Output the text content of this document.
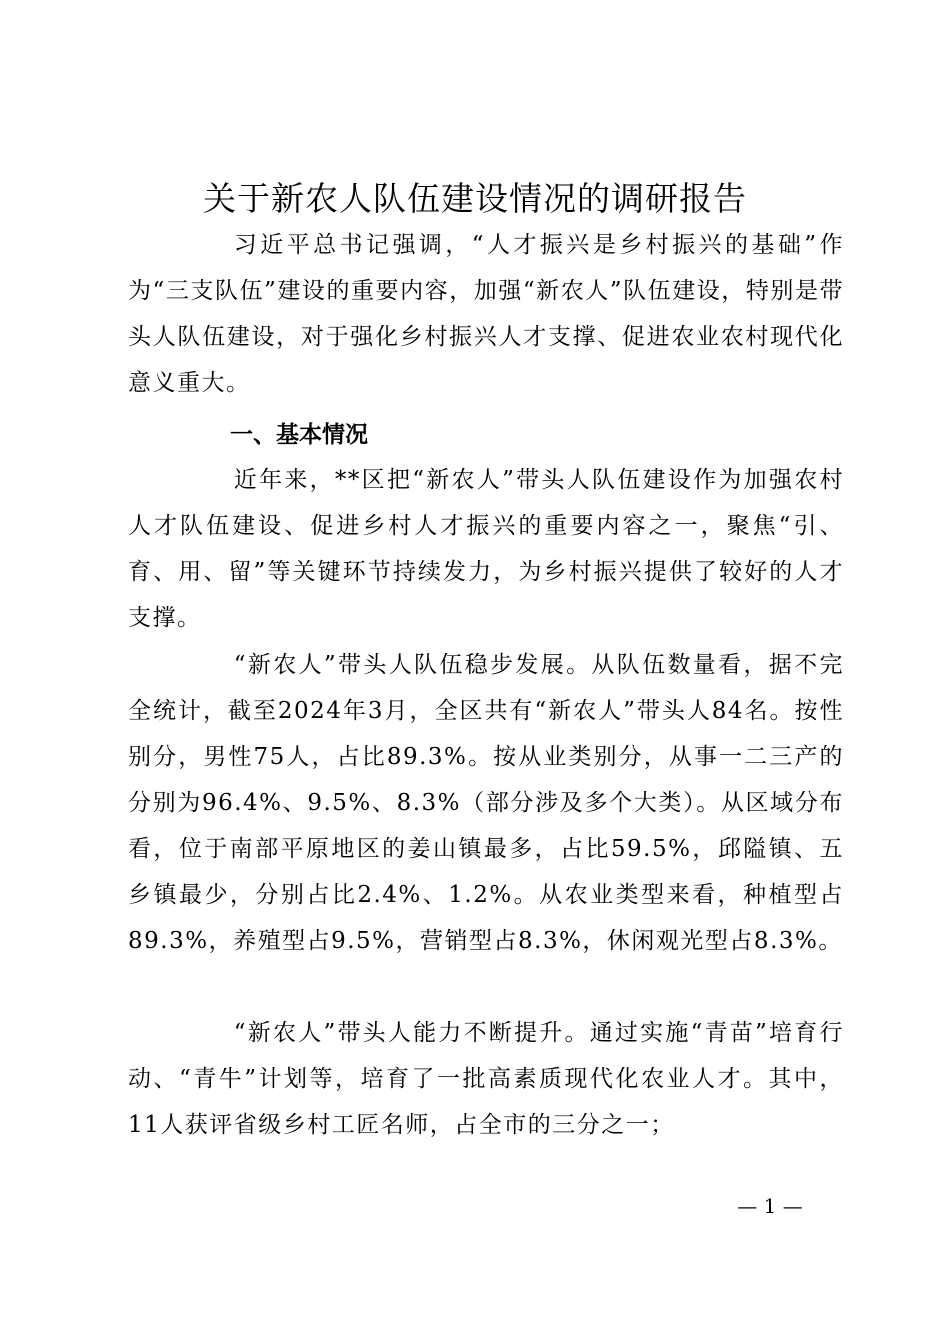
关于新农人队伍建设情况的调研报告

习近平总书记强调，“人才振兴是乡村振兴的基础”作为“三支队伍”建设的重要内容，加强“新农人”队伍建设，特别是带头人队伍建设，对于强化乡村振兴人才支撑、促进农业农村现代化意义重大。

一、基本情况

近年来，**区把“新农人”带头人队伍建设作为加强农村人才队伍建设、促进乡村人才振兴的重要内容之一，聚焦“引、育、用、留”等关键环节持续发力，为乡村振兴提供了较好的人才支撑。

“新农人”带头人队伍稳步发展。从队伍数量看，据不完全统计，截至2024年3月，全区共有“新农人”带头人84名。按性别分，男性75人，占比89.3%。按从业类别分，从事一二三产的分别为96.4%、9.5%、8.3%（部分涉及多个大类）。从区域分布看，位于南部平原地区的姜山镇最多，占比59.5%，邱隘镇、五乡镇最少，分别占比2.4%、1.2%。从农业类型来看，种植型占89.3%，养殖型占9.5%，营销型占8.3%，休闲观光型占8.3%。

“新农人”带头人能力不断提升。通过实施“青苗”培育行动、“青牛”计划等，培育了一批高素质现代化农业人才。其中，11人获评省级乡村工匠名师，占全市的三分之一；

— 1 —
